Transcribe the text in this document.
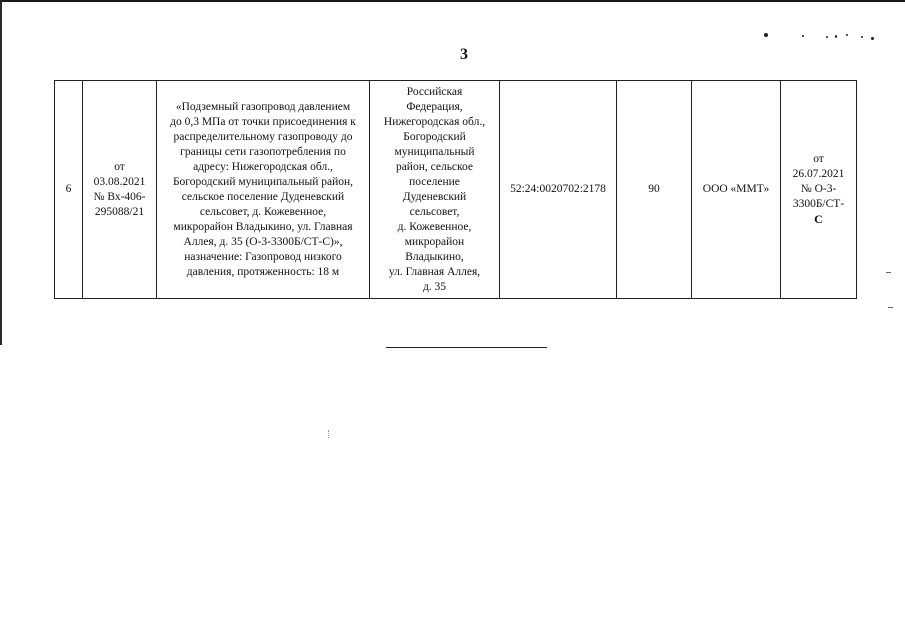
3
6	от
03.08.2021
№ Вх-406-
295088/21	«Подземный газопровод давлением
до 0,3 МПа от точки присоединения к
распределительному газопроводу до
границы сети газопотребления по
адресу: Нижегородская обл.,
Богородский муниципальный район,
сельское поселение Дуденевский
сельсовет, д. Кожевенное,
микрорайон Владыкино, ул. Главная
Аллея, д. 35 (О-3-3300Б/СТ-С)»,
назначение: Газопровод низкого
давления, протяженность: 18 м	Российская
Федерация,
Нижегородская обл.,
Богородский
муниципальный
район, сельское
поселение
Дуденевский
сельсовет,
д. Кожевенное,
микрорайон
Владыкино,
ул. Главная Аллея,
д. 35	52:24:0020702:2178	90	ООО «ММТ»	от
26.07.2021
№ О-3-
3300Б/СТ-
С
